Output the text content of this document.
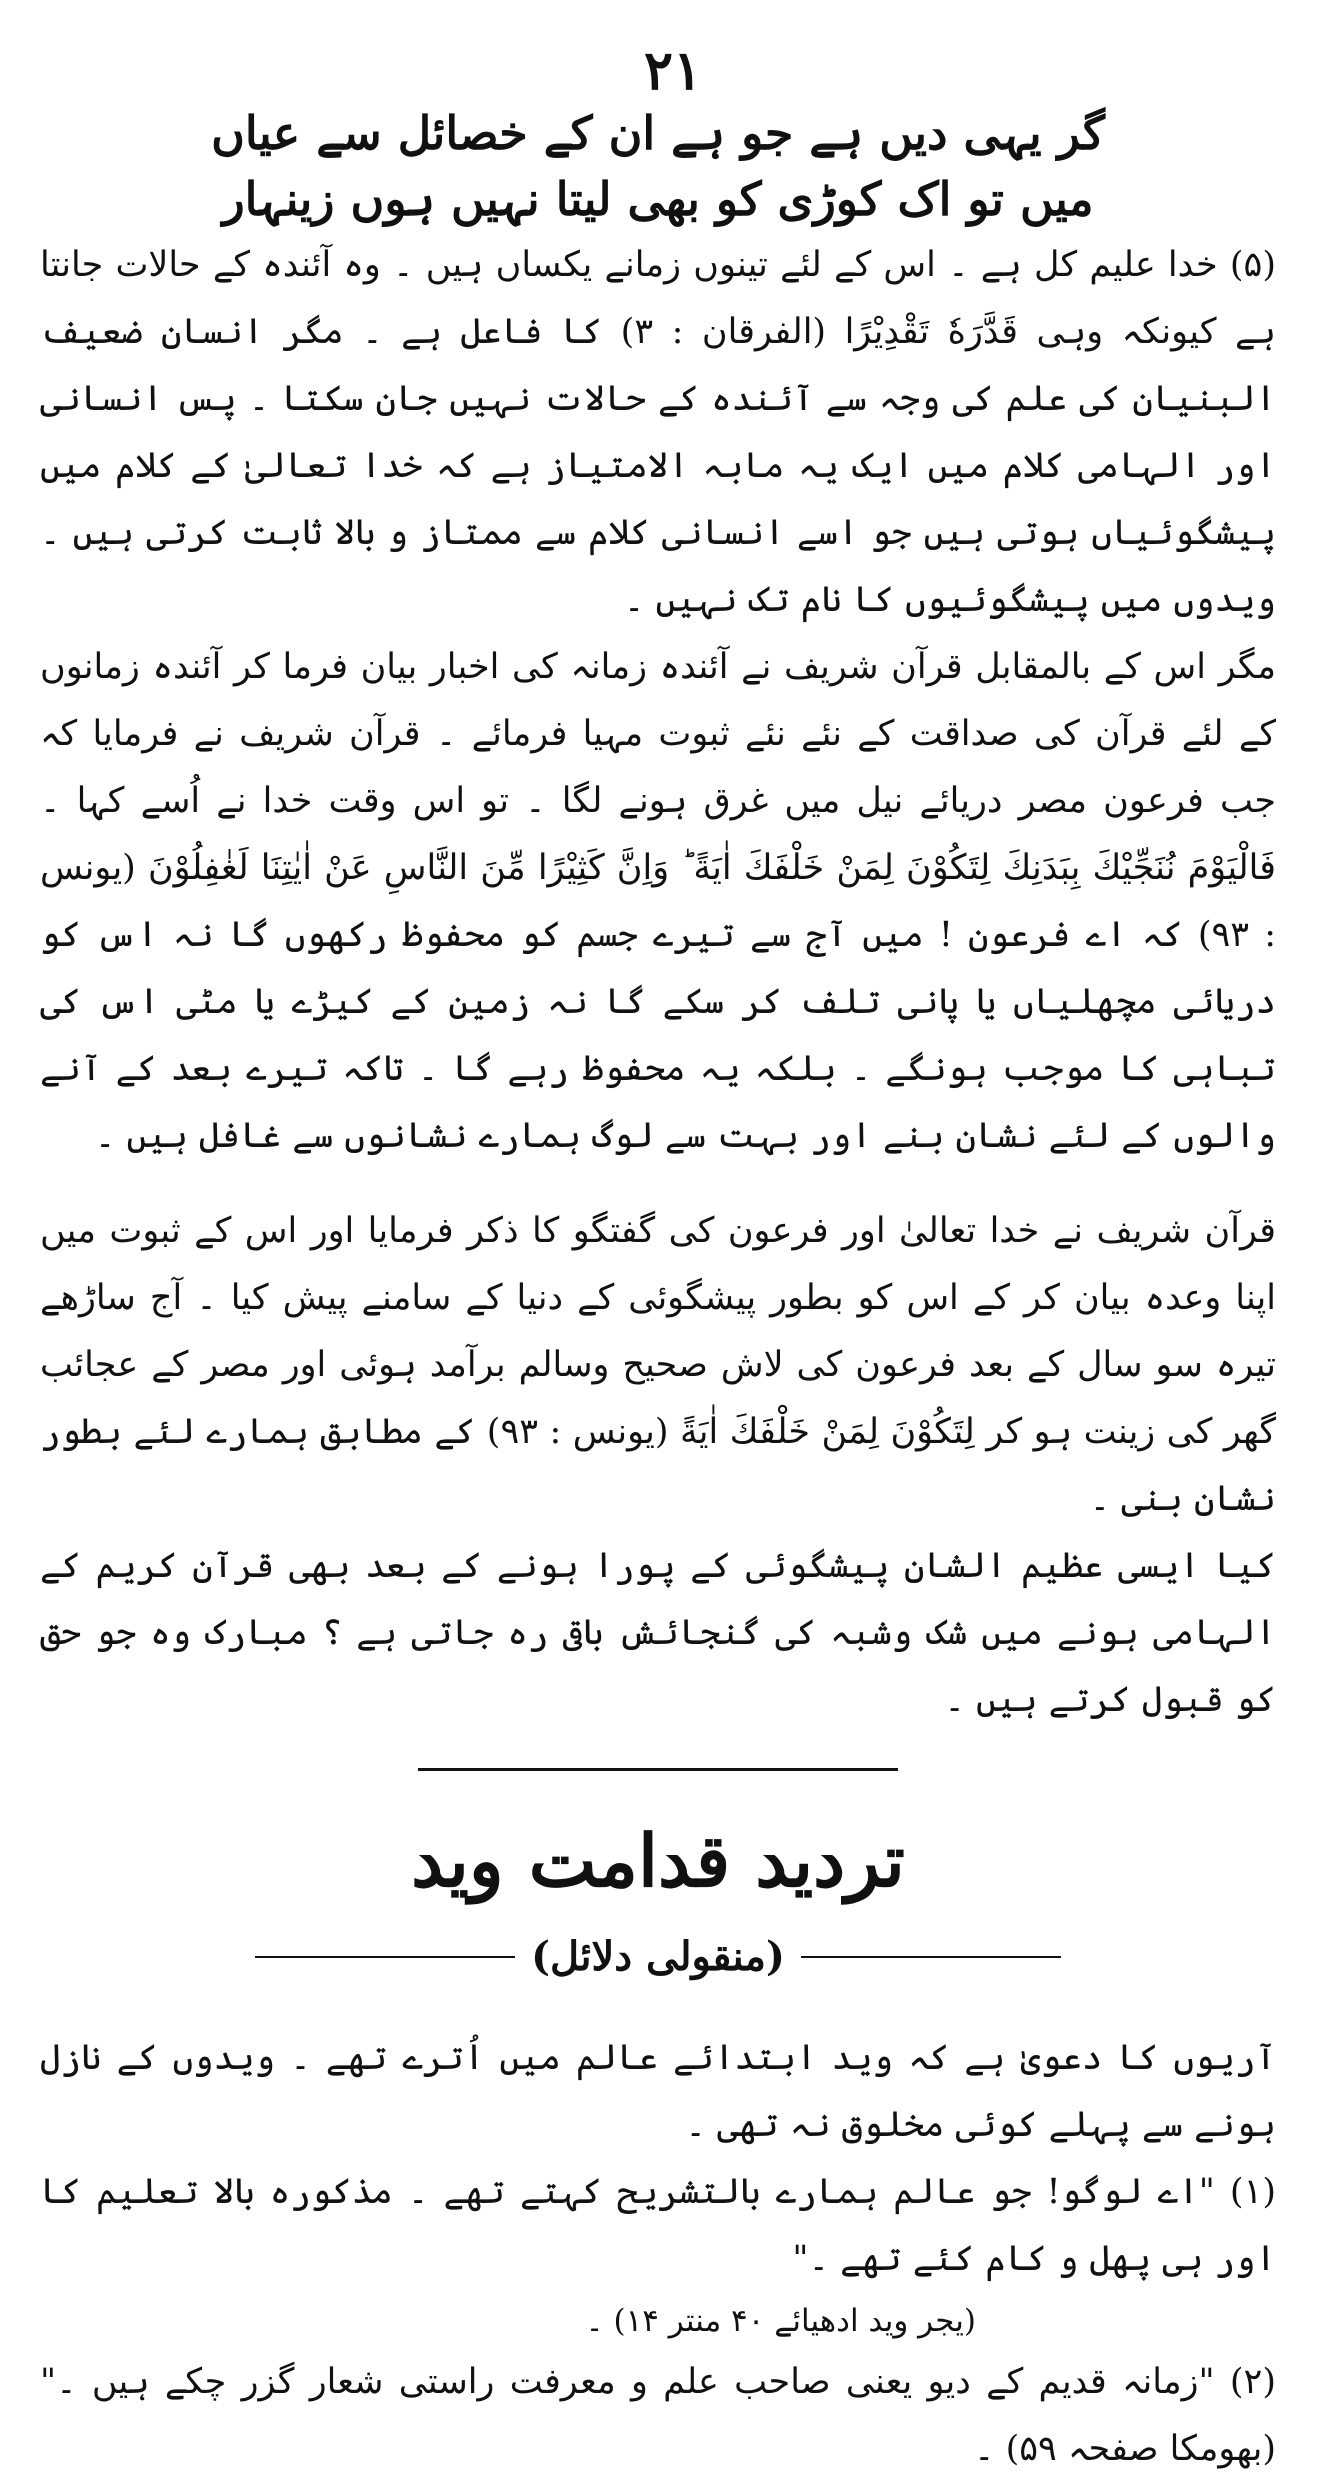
۲۱
گر یہی دیں ہے جو ہے ان کے خصائل سے عیاں
میں تو اک کوڑی کو بھی لیتا نہیں ہوں زینہار

(۵) خدا علیم کل ہے ۔ اس کے لئے تینوں زمانے یکساں ہیں ۔ وہ آئندہ کے حالات جانتا ہے کیونکہ وہی قَدَّرَهٗ تَقْدِيْرًا (الفرقان : ۳) کا فاعل ہے ۔ مگر انسان ضعیف البنیان کی علم کی وجہ سے آئندہ کے حالات نہیں جان سکتا ۔ پس انسانی اور الہامی کلام میں ایک یہ مابہ الامتیاز ہے کہ خدا تعالیٰ کے کلام میں پیشگوئیاں ہوتی ہیں جو اسے انسانی کلام سے ممتاز و بالا ثابت کرتی ہیں ۔ ویدوں میں پیشگوئیوں کا نام تک نہیں ۔

مگر اس کے بالمقابل قرآن شریف نے آئندہ زمانہ کی اخبار بیان فرما کر آئندہ زمانوں کے لئے قرآن کی صداقت کے نئے نئے ثبوت مہیا فرمائے ۔ قرآن شریف نے فرمایا کہ جب فرعون مصر دریائے نیل میں غرق ہونے لگا ۔ تو اس وقت خدا نے اُسے کہا ۔ فَالْيَوْمَ نُنَجِّيْكَ بِبَدَنِكَ لِتَكُوْنَ لِمَنْ خَلْفَكَ اٰيَةً ؕ وَاِنَّ كَثِيْرًا مِّنَ النَّاسِ عَنْ اٰيٰتِنَا لَغٰفِلُوْنَ (یونس : ۹۳) کہ اے فرعون ! میں آج سے تیرے جسم کو محفوظ رکھوں گا نہ اس کو دریائی مچھلیاں یا پانی تلف کر سکے گا نہ زمین کے کیڑے یا مٹی اس کی تباہی کا موجب ہونگے ۔ بلکہ یہ محفوظ رہے گا ۔ تاکہ تیرے بعد کے آنے والوں کے لئے نشان بنے اور بہت سے لوگ ہمارے نشانوں سے غافل ہیں ۔

قرآن شریف نے خدا تعالیٰ اور فرعون کی گفتگو کا ذکر فرمایا اور اس کے ثبوت میں اپنا وعدہ بیان کر کے اس کو بطور پیشگوئی کے دنیا کے سامنے پیش کیا ۔ آج ساڑھے تیرہ سو سال کے بعد فرعون کی لاش صحیح وسالم برآمد ہوئی اور مصر کے عجائب گھر کی زینت ہو کر لِتَكُوْنَ لِمَنْ خَلْفَكَ اٰيَةً (یونس : ۹۳) کے مطابق ہمارے لئے بطور نشان بنی ۔

کیا ایسی عظیم الشان پیشگوئی کے پورا ہونے کے بعد بھی قرآن کریم کے الہامی ہونے میں شک وشبہ کی گنجائش باقی رہ جاتی ہے ؟ مبارک وہ جو حق کو قبول کرتے ہیں ۔

تردید قدامت وید
(منقولی دلائل)

آریوں کا دعویٰ ہے کہ وید ابتدائے عالم میں اُترے تھے ۔ ویدوں کے نازل ہونے سے پہلے کوئی مخلوق نہ تھی ۔

(۱) "اے لوگو! جو عالم ہمارے بالتشریح کہتے تھے ۔ مذکورہ بالا تعلیم کا اور ہی پھل و کام کئے تھے ۔"

(یجر وید ادھیائے ۴۰ منتر ۱۴) ۔

(۲) "زمانہ قدیم کے دیو یعنی صاحب علم و معرفت راستی شعار گزر چکے ہیں ۔" (بھومکا صفحہ ۵۹) ۔
